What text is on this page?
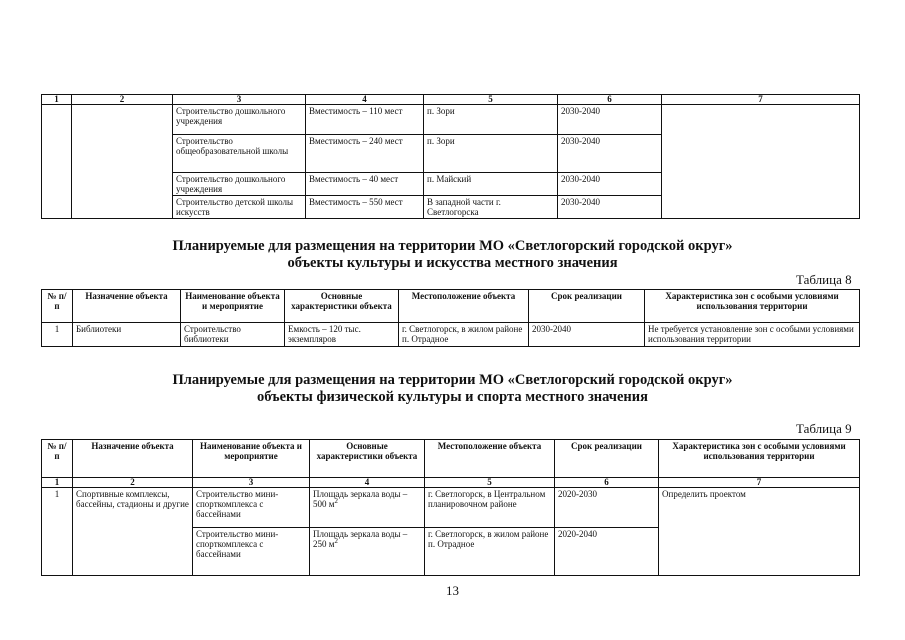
1	2	3	4	5	6	7
		Строительство дошкольного учреждения	Вместимость – 110 мест	п. Зори	2030-2040	
		Строительство общеобразовательной школы	Вместимость – 240 мест	п. Зори	2030-2040	
		Строительство дошкольного учреждения	Вместимость – 40 мест	п. Майский	2030-2040	
		Строительство детской школы искусств	Вместимость – 550 мест	В западной части г. Светлогорска	2030-2040	
Планируемые для размещения на территории МО «Светлогорский городской округ»
объекты культуры и искусства местного значения
Таблица 8
№ п/п	Назначение объекта	Наименование объекта и мероприятие	Основные характеристики объекта	Местоположение объекта	Срок реализации	Характеристика зон с особыми условиями использования территории
1	Библиотеки	Строительство библиотеки	Емкость – 120 тыс. экземпляров	г. Светлогорск, в жилом районе п. Отрадное	2030-2040	Не требуется установление зон с особыми условиями использования территории
Планируемые для размещения на территории МО «Светлогорский городской округ»
объекты физической культуры и спорта местного значения
Таблица 9
№ п/п	Назначение объекта	Наименование объекта и мероприятие	Основные характеристики объекта	Местоположение объекта	Срок реализации	Характеристика зон с особыми условиями использования территории
1	2	3	4	5	6	7
1	Спортивные комплексы, бассейны, стадионы и другие	Строительство мини-спорткомплекса с бассейнами	Площадь зеркала воды – 500 $м^2$	г. Светлогорск, в Центральном планировочном районе	2020-2030	Определить проектом
		Строительство мини-спорткомплекса с бассейнами	Площадь зеркала воды – 250 $м^2$	г. Светлогорск, в жилом районе п. Отрадное	2020-2040	
13
